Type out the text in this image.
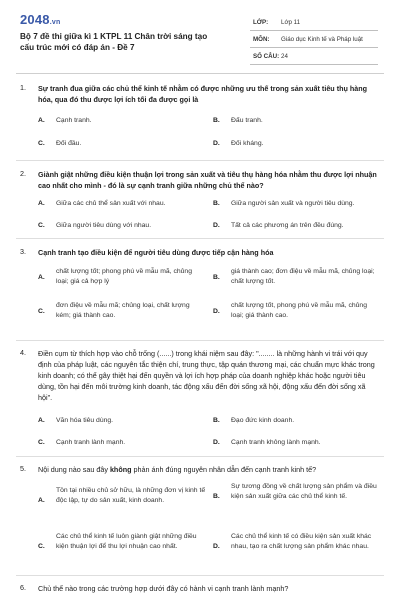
2048.vn
Bộ 7 đề thi giữa kì 1 KTPL 11 Chân trời sáng tạo cấu trúc mới có đáp án - Đề 7
LỚP: Lớp 11
MÔN: Giáo dục Kinh tế và Pháp luật
SỐ CÂU: 24
1. Sự tranh đua giữa các chủ thể kinh tế nhằm có được những ưu thế trong sản xuất tiêu thụ hàng hóa, qua đó thu được lợi ích tối đa được gọi là
A. Cạnh tranh.	B. Đấu tranh.
C. Đối đầu.	D. Đối kháng.
2. Giành giật những điều kiện thuận lợi trong sản xuất và tiêu thụ hàng hóa nhằm thu được lợi nhuận cao nhất cho mình - đó là sự cạnh tranh giữa những chủ thể nào?
A. Giữa các chủ thể sản xuất với nhau.	B. Giữa người sản xuất và người tiêu dùng.
C. Giữa người tiêu dùng với nhau.	D. Tất cả các phương án trên đều đúng.
3. Cạnh tranh tạo điều kiện để người tiêu dùng được tiếp cận hàng hóa
A.
chất lượng tốt; phong phú về mẫu mã, chủng loại; giá cả hợp lý
B.
giá thành cao; đơn điệu về mẫu mã, chủng loại; chất lượng tốt.
C.
đơn điệu về mẫu mã; chủng loại, chất lượng kém; giá thành cao.
D.
chất lượng tốt, phong phú về mẫu mã, chủng loại; giá thành cao.
4. Điền cụm từ thích hợp vào chỗ trống (......) trong khái niệm sau đây: "........ là những hành vi trái với quy định của pháp luật, các nguyên tắc thiện chí, trung thực, tập quán thương mại, các chuẩn mực khác trong kinh doanh; có thể gây thiệt hại đến quyền và lợi ích hợp pháp của doanh nghiệp khác hoặc người tiêu dùng, tồn hại đến môi trường kinh doanh, tác động xấu đến đời sống xã hội, động xấu đến đời sống xã hội".
A. Văn hóa tiêu dùng.	B. Đạo đức kinh doanh.
C. Cạnh tranh lành mạnh.	D. Cạnh tranh không lành mạnh.
5. Nội dung nào sau đây không phản ánh đúng nguyên nhân dẫn đến cạnh tranh kinh tế?
A.
Tồn tại nhiều chủ sở hữu, là những đơn vị kinh tế độc lập, tự do sản xuất, kinh doanh.
B.
Sự tương đồng về chất lượng sản phẩm và điều kiện sản xuất giữa các chủ thể kinh tế.
C.
Các chủ thể kinh tế luôn giành giật những điều kiện thuận lợi để thu lợi nhuận cao nhất.	D.
Các chủ thể kinh tế có điều kiện sản xuất khác nhau, tạo ra chất lượng sản phẩm khác nhau.
6. Chủ thể nào trong các trường hợp dưới đây có hành vi cạnh tranh lành mạnh?
